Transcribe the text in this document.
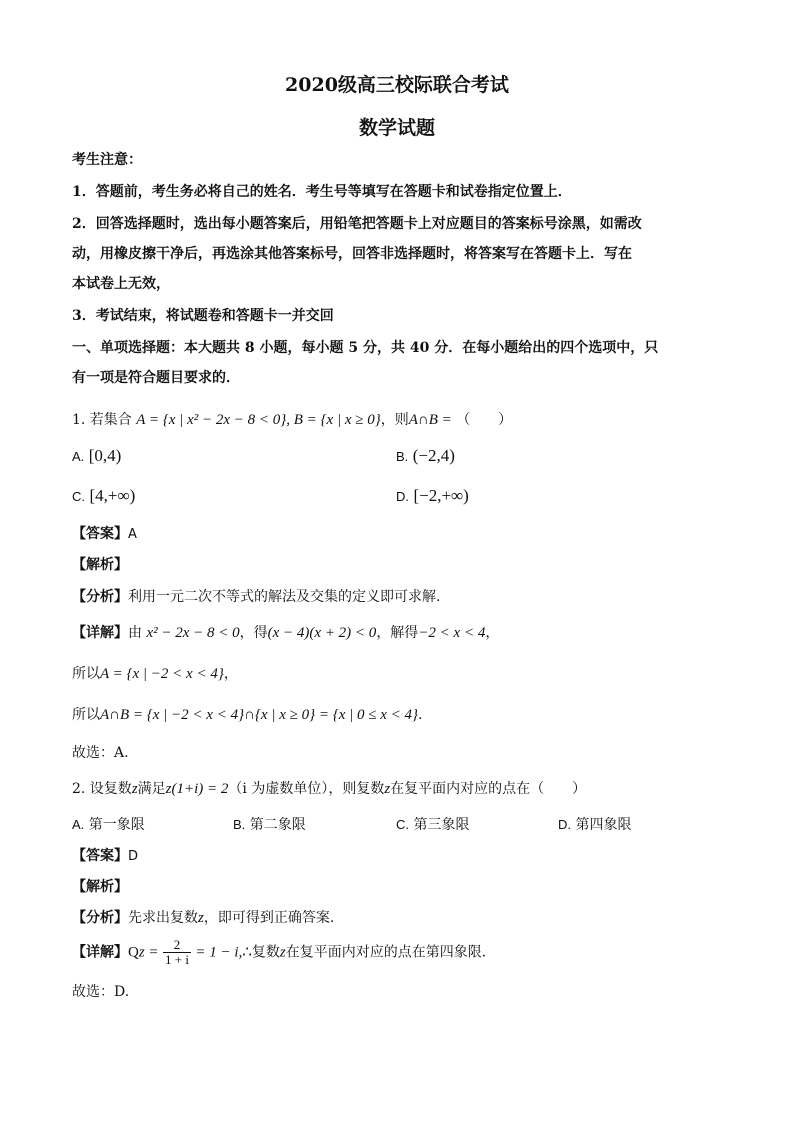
2020级高三校际联合考试
数学试题
考生注意：
1．答题前，考生务必将自己的姓名．考生号等填写在答题卡和试卷指定位置上．
2．回答选择题时，选出每小题答案后，用铅笔把答题卡上对应题目的答案标号涂黑，如需改
动，用橡皮擦干净后，再选涂其他答案标号，回答非选择题时，将答案写在答题卡上．写在
本试卷上无效，
3．考试结束，将试题卷和答题卡一并交回
一、单项选择题：本大题共 8 小题，每小题 5 分，共 40 分．在每小题给出的四个选项中，只
有一项是符合题目要求的．
1. 若集合 A = {x | x² − 2x − 8 < 0}, B = {x | x ≥ 0}，则A∩B = （　　）
A. [0,4)	B. (−2,4)
C. [4,+∞)	D. [−2,+∞)
【答案】A
【解析】
【分析】利用一元二次不等式的解法及交集的定义即可求解.
【详解】由 x² − 2x − 8 < 0，得(x − 4)(x + 2) < 0，解得−2 < x < 4，
所以A = {x | −2 < x < 4}，
所以A∩B = {x | −2 < x < 4}∩{x | x ≥ 0} = {x | 0 ≤ x < 4}.
故选：A.
2. 设复数z满足z(1+i) = 2（i 为虚数单位），则复数z在复平面内对应的点在（　　）
A. 第一象限	B. 第二象限	C. 第三象限	D. 第四象限
【答案】D
【解析】
【分析】先求出复数z，即可得到正确答案.
【详解】$Qz = \frac{2}{1 + i} = 1$ − i,∴复数z在复平面内对应的点在第四象限.
故选：D.
